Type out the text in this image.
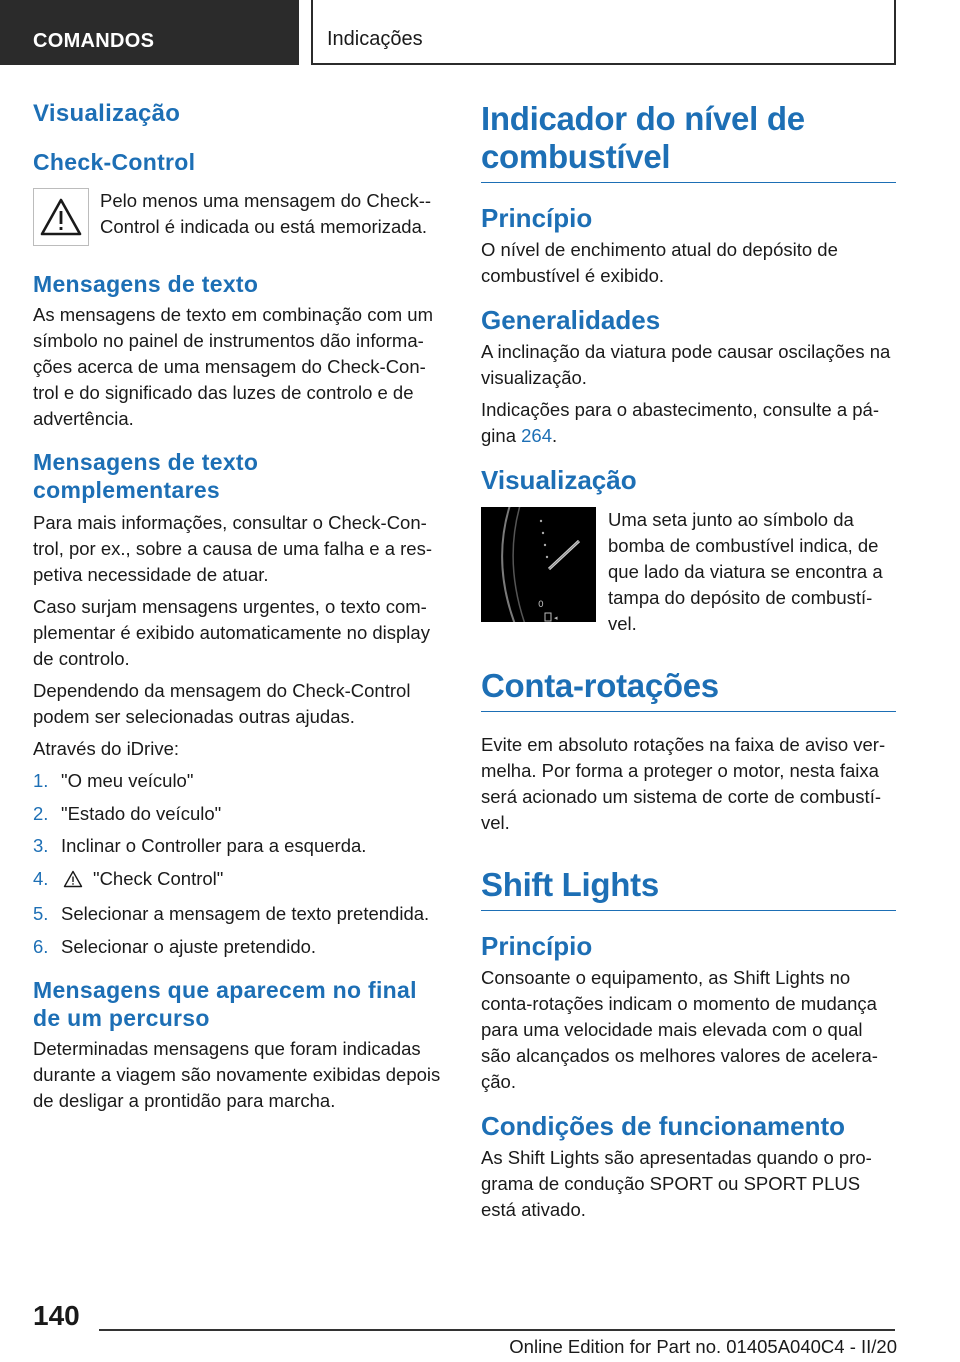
COMANDOS	Indicações
Visualização
Check-Control
Pelo menos uma mensagem do Check--Control é indicada ou está memorizada.
Mensagens de texto

As mensagens de texto em combinação com um símbolo no painel de instrumentos dão informa-ções acerca de uma mensagem do Check-Con-trol e do significado das luzes de controlo e de advertência.

Mensagens de texto complementares

Para mais informações, consultar o Check-Con-trol, por ex., sobre a causa de uma falha e a res-petiva necessidade de atuar.

Caso surjam mensagens urgentes, o texto com-plementar é exibido automaticamente no display de controlo.

Dependendo da mensagem do Check-Control podem ser selecionadas outras ajudas.

Através do iDrive:

1. "O meu veículo"
2. "Estado do veículo"
3. Inclinar o Controller para a esquerda.
4.	"Check Control"
5. Selecionar a mensagem de texto pretendida.
6. Selecionar o ajuste pretendido.
Mensagens que aparecem no final de um percurso

Determinadas mensagens que foram indicadas durante a viagem são novamente exibidas depois de desligar a prontidão para marcha.

Indicador do nível de combustível
Princípio

O nível de enchimento atual do depósito de combustível é exibido.

Generalidades

A inclinação da viatura pode causar oscilações na visualização.

Indicações para o abastecimento, consulte a pá-gina 264.

Visualização
0
◂
Uma seta junto ao símbolo da bomba de combustível indica, de que lado da viatura se encontra a tampa do depósito de combustí-vel.
Conta-rotações

Evite em absoluto rotações na faixa de aviso ver-melha. Por forma a proteger o motor, nesta faixa será acionado um sistema de corte de combustí-vel.

Shift Lights
Princípio

Consoante o equipamento, as Shift Lights no conta-rotações indicam o momento de mudança para uma velocidade mais elevada com o qual são alcançados os melhores valores de acelera-ção.

Condições de funcionamento

As Shift Lights são apresentadas quando o pro-grama de condução SPORT ou SPORT PLUS está ativado.

140
Online Edition for Part no. 01405A040C4 - II/20
